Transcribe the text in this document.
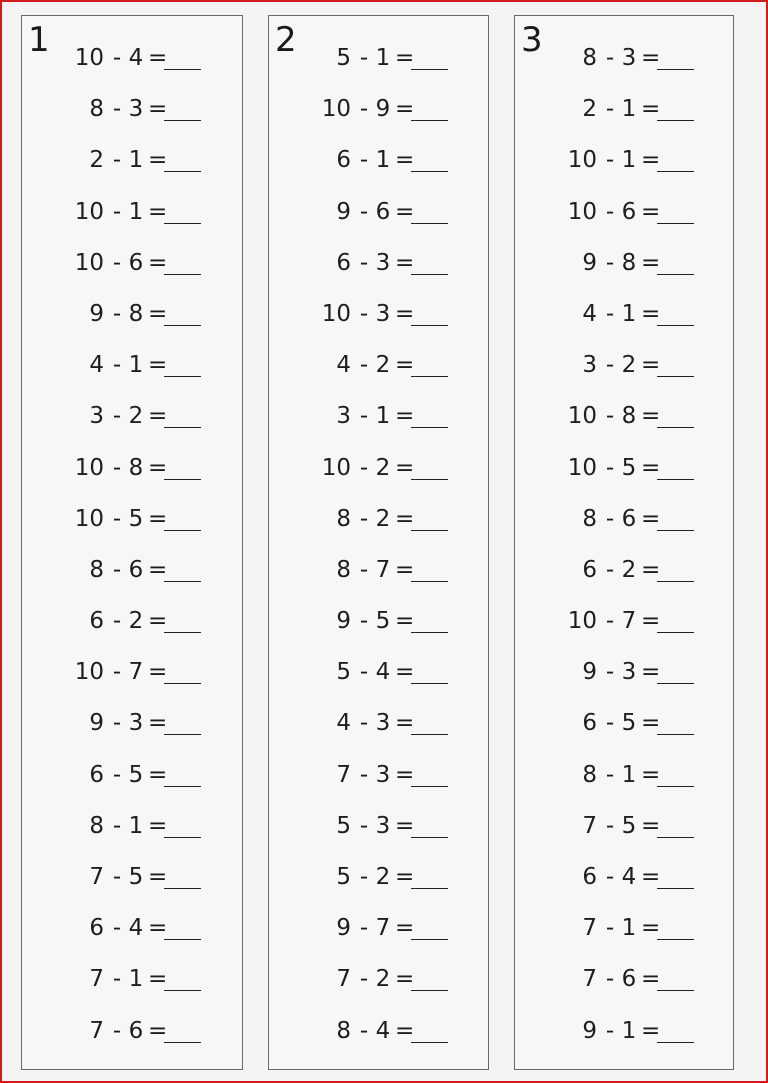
1 10 - 4 =
8 - 3 =
2 - 1 =
10 - 1 =
10 - 6 =
9 - 8 =
4 - 1 =
3 - 2 =
10 - 8 =
10 - 5 =
8 - 6 =
6 - 2 =
10 - 7 =
9 - 3 =
6 - 5 =
8 - 1 =
7 - 5 =
6 - 4 =
7 - 1 =
7 - 6 =
2	5 - 1 =
10 - 9 =
6 - 1 =
9 - 6 =
6 - 3 =
10 - 3 =
4 - 2 =
3 - 1 =
10 - 2 =
8 - 2 =
8 - 7 =
9 - 5 =
5 - 4 =
4 - 3 =
7 - 3 =
5 - 3 =
5 - 2 =
9 - 7 =
7 - 2 =
8 - 4 =
3	8 - 3 =
2 - 1 =
10 - 1 =
10 - 6 =
9 - 8 =
4 - 1 =
3 - 2 =
10 - 8 =
10 - 5 =
8 - 6 =
6 - 2 =
10 - 7 =
9 - 3 =
6 - 5 =
8 - 1 =
7 - 5 =
6 - 4 =
7 - 1 =
7 - 6 =
9 - 1 =
